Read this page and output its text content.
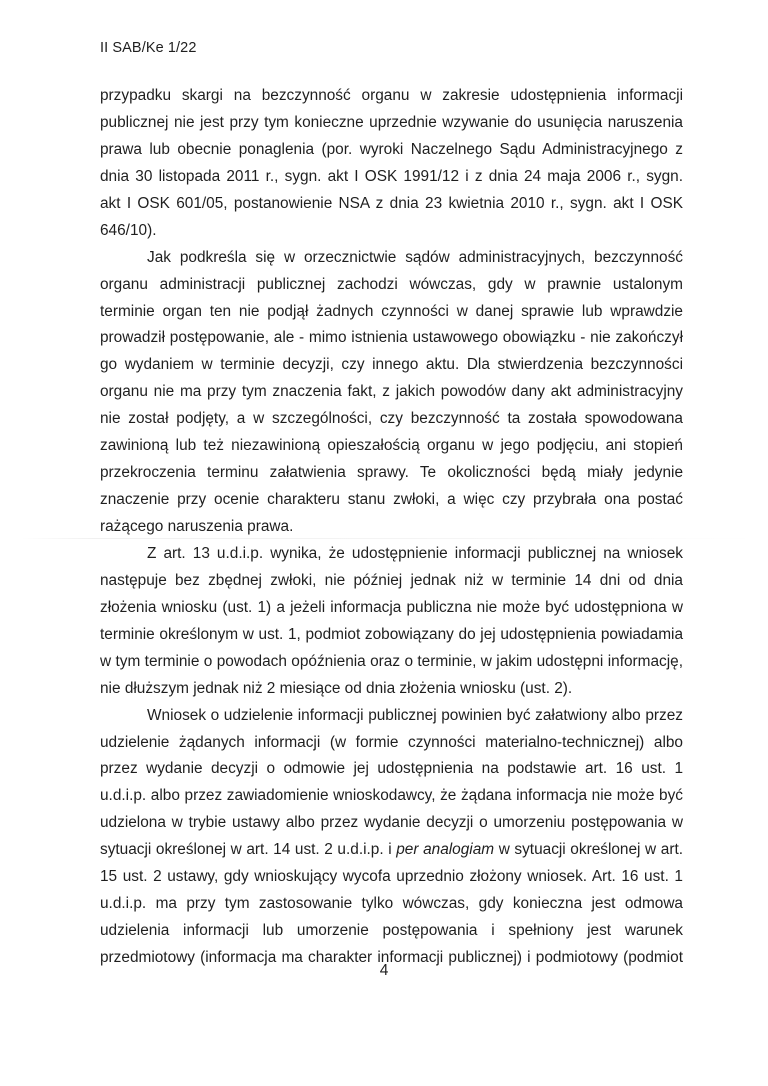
II SAB/Ke 1/22
przypadku skargi na bezczynność organu w zakresie udostępnienia informacji
publicznej nie jest przy tym konieczne uprzednie wzywanie do usunięcia naruszenia
prawa lub obecnie ponaglenia (por. wyroki Naczelnego Sądu Administracyjnego z
dnia 30 listopada 2011 r., sygn. akt I OSK 1991/12 i z dnia 24 maja 2006 r., sygn.
akt I OSK 601/05, postanowienie NSA z dnia 23 kwietnia 2010 r., sygn. akt I OSK
646/10).
Jak podkreśla się w orzecznictwie sądów administracyjnych, bezczynność
organu administracji publicznej zachodzi wówczas, gdy w prawnie ustalonym
terminie organ ten nie podjął żadnych czynności w danej sprawie lub wprawdzie
prowadził postępowanie, ale - mimo istnienia ustawowego obowiązku - nie zakończył
go wydaniem w terminie decyzji, czy innego aktu. Dla stwierdzenia bezczynności
organu nie ma przy tym znaczenia fakt, z jakich powodów dany akt administracyjny
nie został podjęty, a w szczególności, czy bezczynność ta została spowodowana
zawinioną lub też niezawinioną opieszałością organu w jego podjęciu, ani stopień
przekroczenia terminu załatwienia sprawy. Te okoliczności będą miały jedynie
znaczenie przy ocenie charakteru stanu zwłoki, a więc czy przybrała ona postać
rażącego naruszenia prawa.
Z art. 13 u.d.i.p. wynika, że udostępnienie informacji publicznej na wniosek
następuje bez zbędnej zwłoki, nie później jednak niż w terminie 14 dni od dnia
złożenia wniosku (ust. 1) a jeżeli informacja publiczna nie może być udostępniona w
terminie określonym w ust. 1, podmiot zobowiązany do jej udostępnienia powiadamia
w tym terminie o powodach opóźnienia oraz o terminie, w jakim udostępni informację,
nie dłuższym jednak niż 2 miesiące od dnia złożenia wniosku (ust. 2).
Wniosek o udzielenie informacji publicznej powinien być załatwiony albo przez
udzielenie żądanych informacji (w formie czynności materialno-technicznej) albo
przez wydanie decyzji o odmowie jej udostępnienia na podstawie art. 16 ust. 1
u.d.i.p. albo przez zawiadomienie wnioskodawcy, że żądana informacja nie może być
udzielona w trybie ustawy albo przez wydanie decyzji o umorzeniu postępowania w
sytuacji określonej w art. 14 ust. 2 u.d.i.p. i per analogiam w sytuacji określonej w art.
15 ust. 2 ustawy, gdy wnioskujący wycofa uprzednio złożony wniosek. Art. 16 ust. 1
u.d.i.p. ma przy tym zastosowanie tylko wówczas, gdy konieczna jest odmowa
udzielenia informacji lub umorzenie postępowania i spełniony jest warunek
przedmiotowy (informacja ma charakter informacji publicznej) i podmiotowy (podmiot
4
